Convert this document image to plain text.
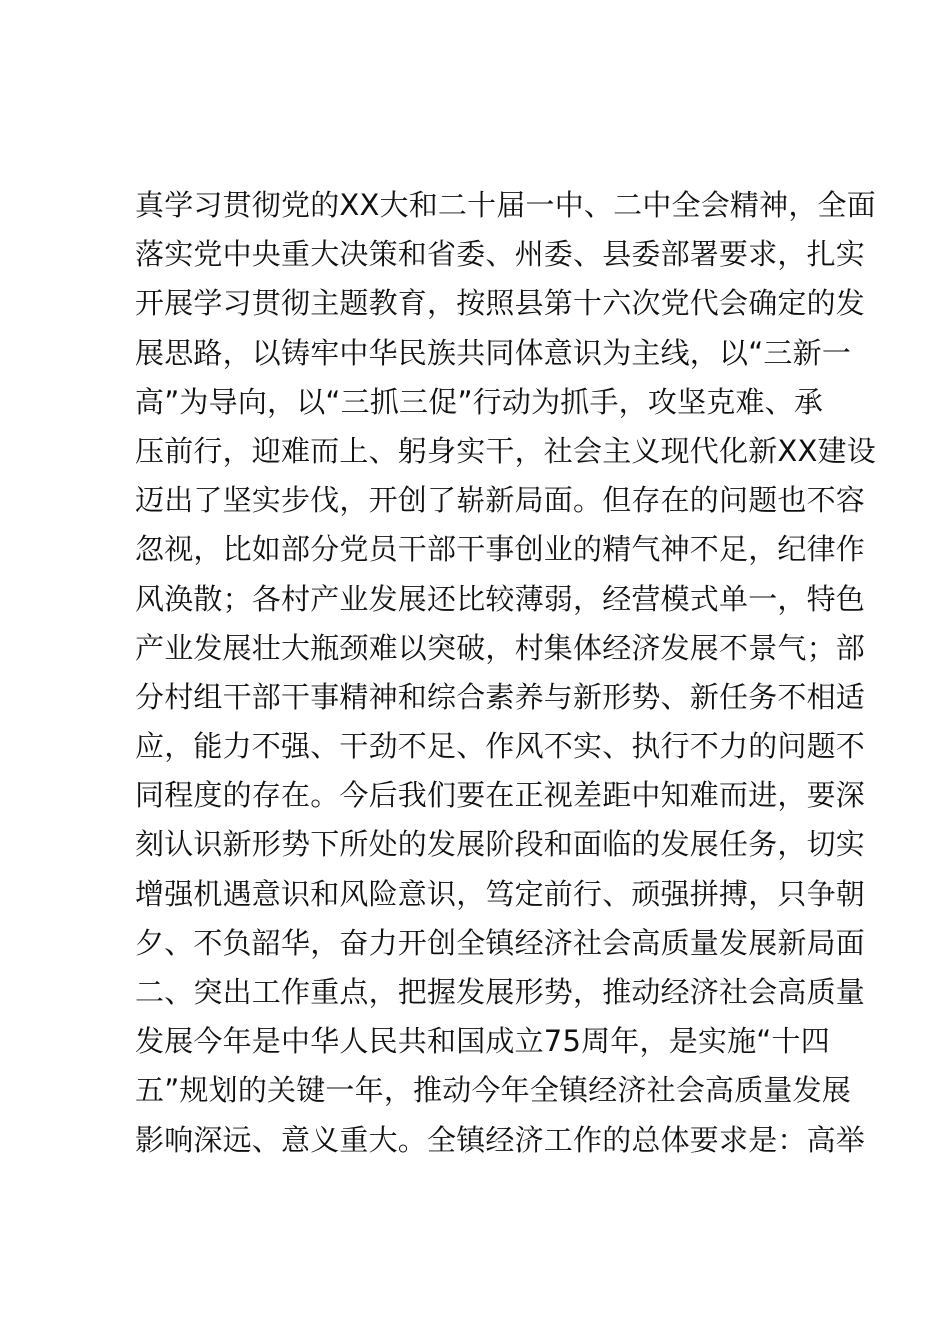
真学习贯彻党的XX大和二十届一中、二中全会精神，全面
落实党中央重大决策和省委、州委、县委部署要求，扎实
开展学习贯彻主题教育，按照县第十六次党代会确定的发
展思路，以铸牢中华民族共同体意识为主线，以“三新一
高”为导向，以“三抓三促”行动为抓手，攻坚克难、承
压前行，迎难而上、躬身实干，社会主义现代化新XX建设
迈出了坚实步伐，开创了崭新局面。但存在的问题也不容
忽视，比如部分党员干部干事创业的精气神不足，纪律作
风涣散；各村产业发展还比较薄弱，经营模式单一，特色
产业发展壮大瓶颈难以突破，村集体经济发展不景气；部
分村组干部干事精神和综合素养与新形势、新任务不相适
应，能力不强、干劲不足、作风不实、执行不力的问题不
同程度的存在。今后我们要在正视差距中知难而进，要深
刻认识新形势下所处的发展阶段和面临的发展任务，切实
增强机遇意识和风险意识，笃定前行、顽强拼搏，只争朝
夕、不负韶华，奋力开创全镇经济社会高质量发展新局面
二、突出工作重点，把握发展形势，推动经济社会高质量
发展今年是中华人民共和国成立75周年，是实施“十四
五”规划的关键一年，推动今年全镇经济社会高质量发展
影响深远、意义重大。全镇经济工作的总体要求是：高举
